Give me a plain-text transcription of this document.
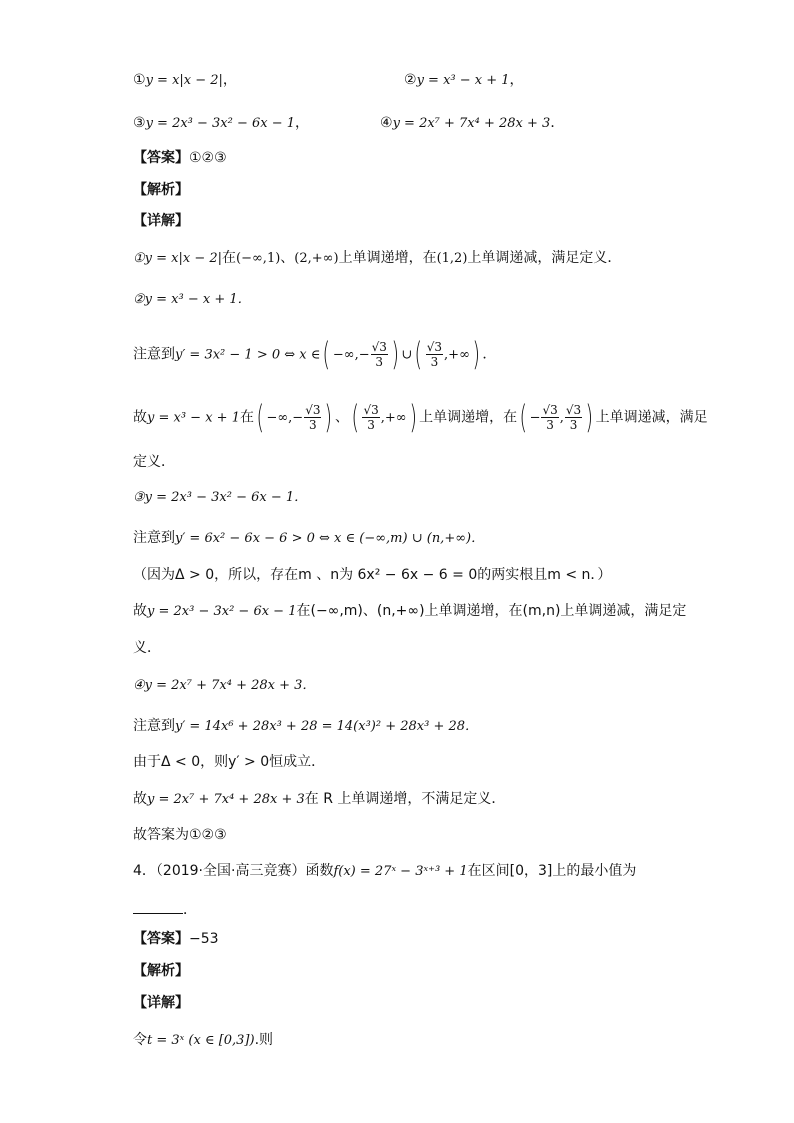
①y = x|x − 2|，	②y = x³ − x + 1，
③y = 2x³ − 3x² − 6x − 1，	④y = 2x⁷ + 7x⁴ + 28x + 3．
【答案】①②③
【解析】
【详解】
①y = x|x − 2|在(−∞,1)、(2,+∞)上单调递增，在(1,2)上单调递减，满足定义．
②y = x³ − x + 1．
注意到y′ = 3x² − 1 > 0 ⇔ x ∈( −∞,− $\frac{√3}{3}$ ) ∪( $\frac{√3}{3}$ ,+∞) ．
故y = x³ − x + 1在( −∞,− $\frac{√3}{3}$ ) 、( $\frac{√3}{3}$ ,+∞) 上单调递增，在( − $\frac{√3}{3}$ , $\frac{√3}{3}$ ) 上单调递减，满足
定义．
③y = 2x³ − 3x² − 6x − 1．
注意到y′ = 6x² − 6x − 6 > 0 ⇔ x ∈ (−∞,m) ∪ (n,+∞)．
（因为Δ > 0，所以，存在m 、n为 6x² − 6x − 6 = 0的两实根且m < n．）
故y = 2x³ − 3x² − 6x − 1在(−∞,m)、(n,+∞)上单调递增，在(m,n)上单调递减，满足定
义．
④y = 2x⁷ + 7x⁴ + 28x + 3．
注意到y′ = 14x⁶ + 28x³ + 28 = 14(x³)² + 28x³ + 28．
由于Δ < 0，则y′ > 0恒成立．
故y = 2x⁷ + 7x⁴ + 28x + 3在 R 上单调递增，不满足定义．
故答案为①②③
4．（2019·全国·高三竞赛）函数f(x) = 27ˣ − 3ˣ⁺³ + 1在区间[0，3]上的最小值为
．
【答案】−53
【解析】
【详解】
令t = 3ˣ (x ∈ [0,3]).则
